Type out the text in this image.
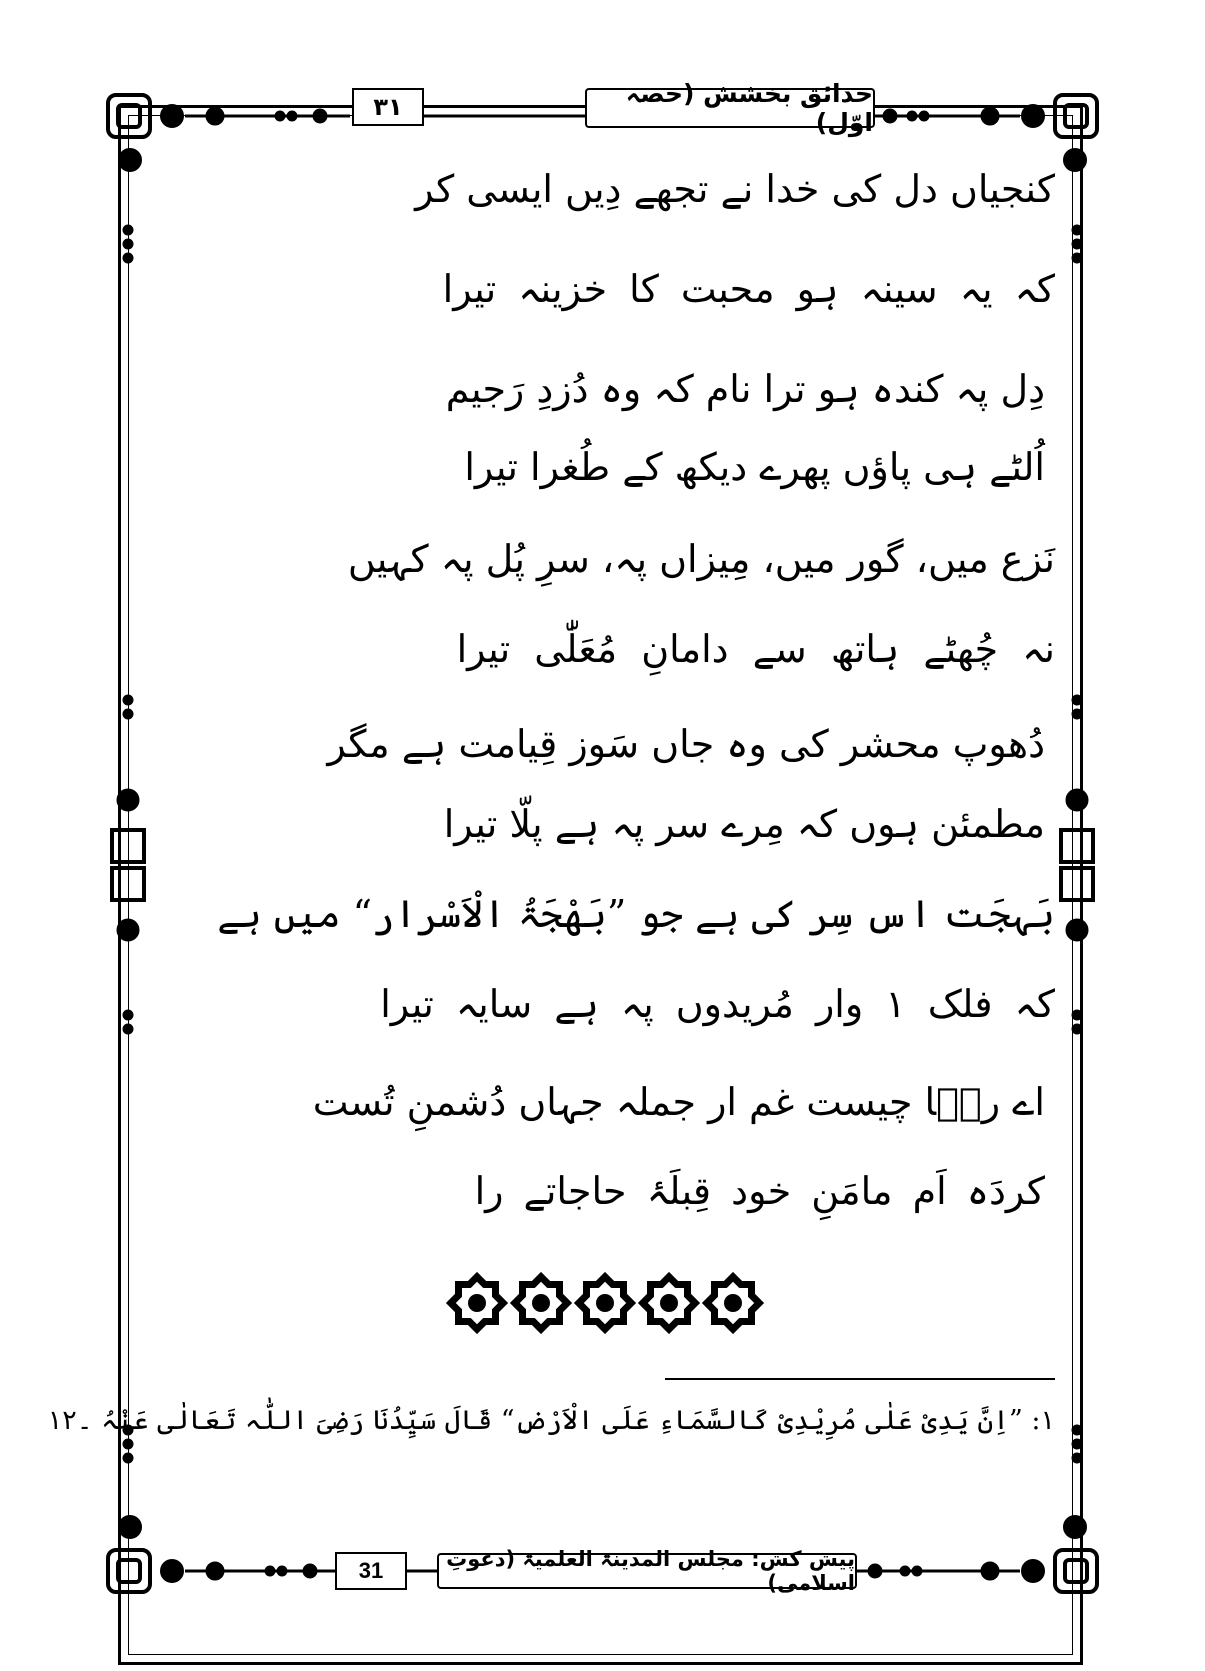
۳۱	حدائق بخشش (حصہ اوّل)
کنجیاں دل کی خدا نے تجھے دِیں ایسی کر
کہ یہ سینہ ہو محبت کا خزینہ تیرا
دِل پہ کندہ ہو ترا نام کہ وہ دُزدِ رَجیم
اُلٹے ہی پاؤں پھرے دیکھ کے طُغرا تیرا
نَزع میں، گور میں، مِیزاں پہ، سرِ پُل پہ کہیں
نہ چُھٹے ہاتھ سے دامانِ مُعَلّٰی تیرا
دُھوپ محشر کی وہ جاں سَوز قِیامت ہے مگر
مطمئن ہوں کہ مِرے سر پہ ہے پلّا تیرا
بَہجَت اس سِر کی ہے جو ”بَھْجَۃُ الْاَسْرار“ میں ہے
کہ فلک ۱ وار مُریدوں پہ ہے سایہ تیرا
اے رضؔا چیست غم ار جملہ جہاں دُشمنِ تُست
کردَہ اَم مامَنِ خود قِبلَۂ حاجاتے را
۱: ”اِنَّ یَدِیْ عَلٰی مُرِیْدِیْ کَالسَّمَاءِ عَلَی الْاَرْضِ“ قَالَ سَیِّدُنَا رَضِیَ اللّٰہ تَعَالٰی عَنْہُ ۔۱۲
31	پیش کش: مجلس المدینۃ العلمیۃ (دعوتِ اسلامی)
